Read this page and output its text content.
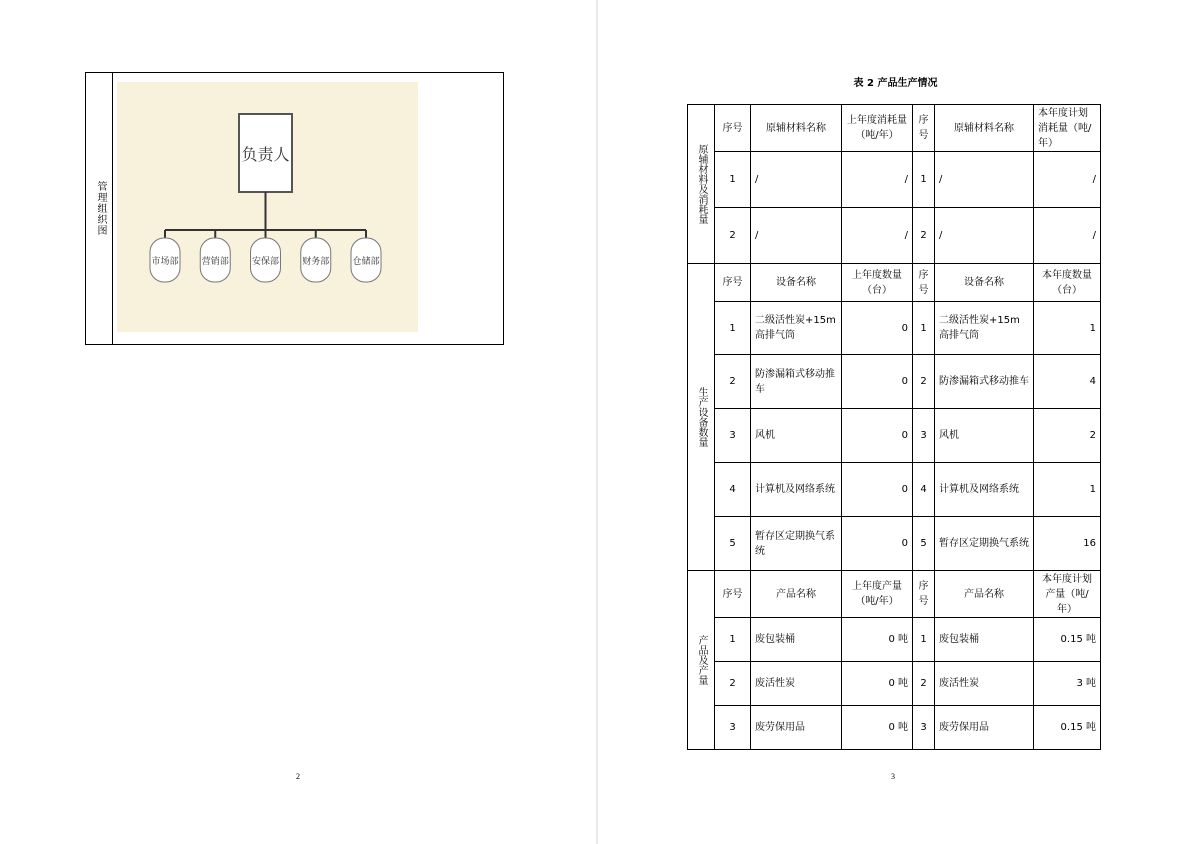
管理组织图
负责人
市场部	营销部	安保部	财务部	仓储部
2
表 2 产品生产情况
原辅材料及消耗量	序号	原辅材料名称	上年度消耗量（吨/年）	序号	原辅材料名称	本年度计划消耗量（吨/年）
	1	/	/	1	/	/
	2	/	/	2	/	/

生产设备数量	序号	设备名称	上年度数量（台）	序号	设备名称	本年度数量（台）
	1	二级活性炭+15m高排气筒	0	1	二级活性炭+15m高排气筒	1
	2	防渗漏箱式移动推车	0	2	防渗漏箱式移动推车	4
	3	风机	0	3	风机	2
	4	计算机及网络系统	0	4	计算机及网络系统	1
	5	暂存区定期换气系统	0	5	暂存区定期换气系统	16

产品及产量	序号	产品名称	上年度产量（吨/年）	序号	产品名称	本年度计划产量（吨/年）
	1	废包装桶	0 吨	1	废包装桶	0.15 吨
	2	废活性炭	0 吨	2	废活性炭	3 吨
	3	废劳保用品	0 吨	3	废劳保用品	0.15 吨
3
